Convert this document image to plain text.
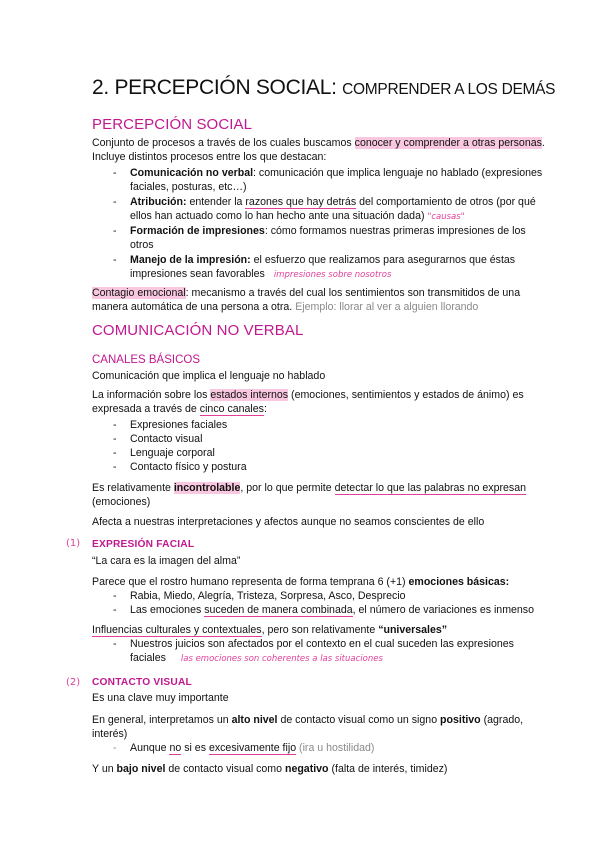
2. PERCEPCIÓN SOCIAL: COMPRENDER A LOS DEMÁS
PERCEPCIÓN SOCIAL
Conjunto de procesos a través de los cuales buscamos conocer y comprender a otras personas.
Incluye distintos procesos entre los que destacan:
- Comunicación no verbal: comunicación que implica lenguaje no hablado (expresiones
faciales, posturas, etc…)
- Atribución: entender la razones que hay detrás del comportamiento de otros (por qué
ellos han actuado como lo han hecho ante una situación dada) "causas"
- Formación de impresiones: cómo formamos nuestras primeras impresiones de los
otros
- Manejo de la impresión: el esfuerzo que realizamos para asegurarnos que éstas
impresiones sean favorables impresiones sobre nosotros
Contagio emocional: mecanismo a través del cual los sentimientos son transmitidos de una
manera automática de una persona a otra. Ejemplo: llorar al ver a alguien llorando
COMUNICACIÓN NO VERBAL
CANALES BÁSICOS
Comunicación que implica el lenguaje no hablado
La información sobre los estados internos (emociones, sentimientos y estados de ánimo) es
expresada a través de cinco canales:
- Expresiones faciales
- Contacto visual
- Lenguaje corporal
- Contacto físico y postura
Es relativamente incontrolable, por lo que permite detectar lo que las palabras no expresan
(emociones)
Afecta a nuestras interpretaciones y afectos aunque no seamos conscientes de ello
(1) EXPRESIÓN FACIAL
“La cara es la imagen del alma”
Parece que el rostro humano representa de forma temprana 6 (+1) emociones básicas:
- Rabia, Miedo, Alegría, Tristeza, Sorpresa, Asco, Desprecio
- Las emociones suceden de manera combinada, el número de variaciones es inmenso
Influencias culturales y contextuales, pero son relativamente “universales”
- Nuestros juicios son afectados por el contexto en el cual suceden las expresiones
faciales las emociones son coherentes a las situaciones
(2) CONTACTO VISUAL
Es una clave muy importante
En general, interpretamos un alto nivel de contacto visual como un signo positivo (agrado,
interés)
- Aunque no si es excesivamente fijo (ira u hostilidad)
Y un bajo nivel de contacto visual como negativo (falta de interés, timidez)
